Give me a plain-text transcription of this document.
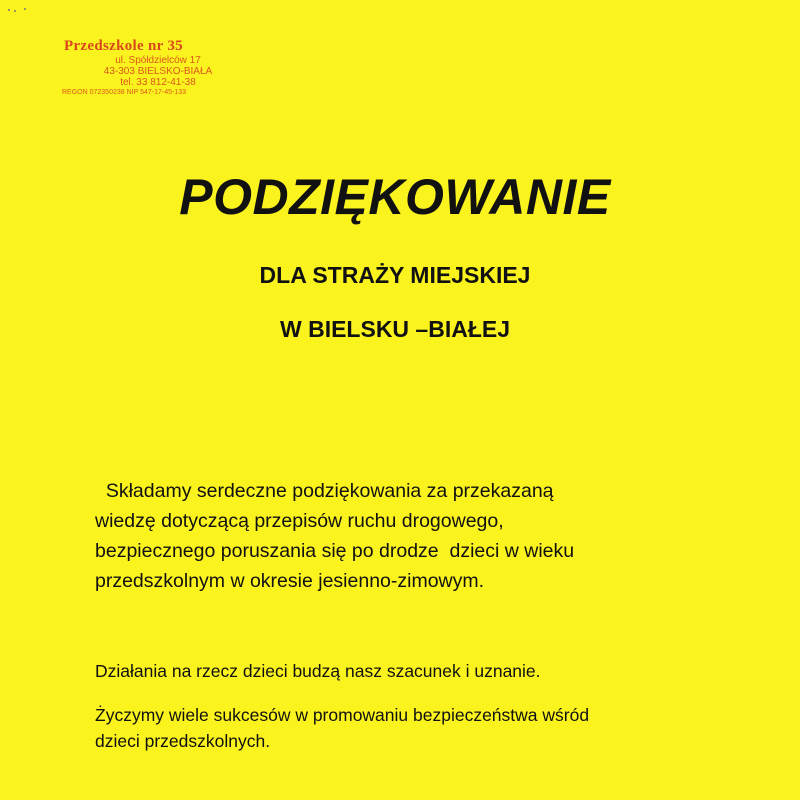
Przedszkole nr 35
ul. Spółdzielców 17
43-303 BIELSKO-BIAŁA
tel. 33 812-41-38
REGON 072350238 NIP 547-17-45-133
PODZIĘKOWANIE
DLA STRAŻY MIEJSKIEJ
W BIELSKU –BIAŁEJ
Składamy serdeczne podziękowania za przekazaną
wiedzę dotyczącą przepisów ruchu drogowego,
bezpiecznego poruszania się po drodze  dzieci w wieku
przedszkolnym w okresie jesienno-zimowym.
Działania na rzecz dzieci budzą nasz szacunek i uznanie.
Życzymy wiele sukcesów w promowaniu bezpieczeństwa wśród
dzieci przedszkolnych.
